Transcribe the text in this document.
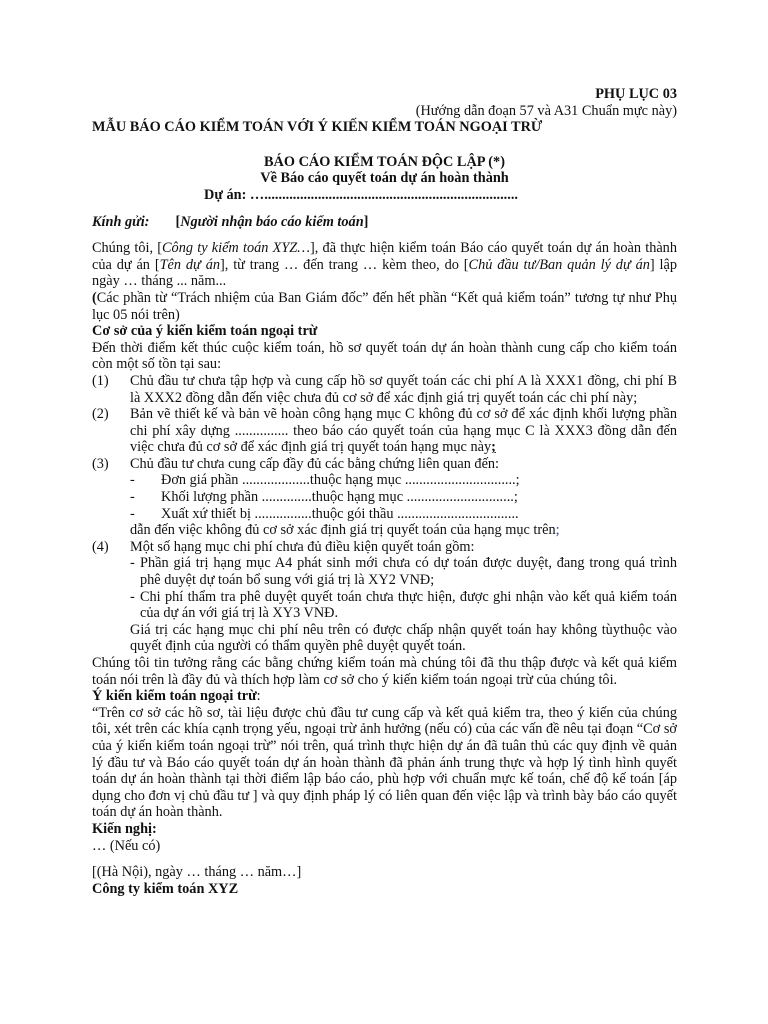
PHỤ LỤC 03

(Hướng dẫn đoạn 57 và A31 Chuẩn mực này)

MẪU BÁO CÁO KIỂM TOÁN VỚI Ý KIẾN KIỂM TOÁN NGOẠI TRỪ

BÁO CÁO KIỂM TOÁN ĐỘC LẬP (*)

Về Báo cáo quyết toán dự án hoàn thành

Dự án: ….......................................................................

Kính gửi: [Người nhận báo cáo kiểm toán]

Chúng tôi, [Công ty kiểm toán XYZ…], đã thực hiện kiểm toán Báo cáo quyết toán dự án hoàn thành của dự án [Tên dự án], từ trang … đến trang … kèm theo, do [Chủ đầu tư/Ban quản lý dự án] lập ngày … tháng ... năm...

(Các phần từ “Trách nhiệm của Ban Giám đốc” đến hết phần “Kết quả kiểm toán” tương tự như Phụ lục 05 nói trên)

Cơ sở của ý kiến kiểm toán ngoại trừ

Đến thời điểm kết thúc cuộc kiểm toán, hồ sơ quyết toán dự án hoàn thành cung cấp cho kiểm toán còn một số tồn tại sau:

(1)	Chủ đầu tư chưa tập hợp và cung cấp hồ sơ quyết toán các chi phí A là XXX1 đồng, chi phí B là XXX2 đồng dẫn đến việc chưa đủ cơ sở để xác định giá trị quyết toán các chi phí này;
(2)	Bản vẽ thiết kế và bản vẽ hoàn công hạng mục C không đủ cơ sở để xác định khối lượng phần chi phí xây dựng ............... theo báo cáo quyết toán của hạng mục C là XXX3 đồng dẫn đến việc chưa đủ cơ sở để xác định giá trị quyết toán hạng mục này;
(3)	Chủ đầu tư chưa cung cấp đầy đủ các bằng chứng liên quan đến:
-	Đơn giá phần ...................thuộc hạng mục ...............................;
-	Khối lượng phần ..............thuộc hạng mục ..............................;
-	Xuất xứ thiết bị ................thuộc gói thầu ..................................

dẫn đến việc không đủ cơ sở xác định giá trị quyết toán của hạng mục trên;

(4)	Một số hạng mục chi phí chưa đủ điều kiện quyết toán gồm:
- Phần giá trị hạng mục A4 phát sinh mới chưa có dự toán được duyệt, đang trong quá trình phê duyệt dự toán bổ sung với giá trị là XY2 VNĐ;
- Chi phí thẩm tra phê duyệt quyết toán chưa thực hiện, được ghi nhận vào kết quả kiểm toán của dự án với giá trị là XY3 VNĐ.

Giá trị các hạng mục chi phí nêu trên có được chấp nhận quyết toán hay không tùythuộc vào quyết định của người có thẩm quyền phê duyệt quyết toán.

Chúng tôi tin tưởng rằng các bằng chứng kiểm toán mà chúng tôi đã thu thập được và kết quả kiểm toán nói trên là đầy đủ và thích hợp làm cơ sở cho ý kiến kiểm toán ngoại trừ của chúng tôi.

Ý kiến kiểm toán ngoại trừ:

“Trên cơ sở các hồ sơ, tài liệu được chủ đầu tư cung cấp và kết quả kiểm tra, theo ý kiến của chúng tôi, xét trên các khía cạnh trọng yếu, ngoại trừ ảnh hưởng (nếu có) của các vấn đề nêu tại đoạn “Cơ sở của ý kiến kiểm toán ngoại trừ” nói trên, quá trình thực hiện dự án đã tuân thủ các quy định về quản lý đầu tư và Báo cáo quyết toán dự án hoàn thành đã phản ánh trung thực và hợp lý tình hình quyết toán dự án hoàn thành tại thời điểm lập báo cáo, phù hợp với chuẩn mực kế toán, chế độ kế toán [áp dụng cho đơn vị chủ đầu tư ] và quy định pháp lý có liên quan đến việc lập và trình bày báo cáo quyết toán dự án hoàn thành.

Kiến nghị:

… (Nếu có)

[(Hà Nội), ngày … tháng … năm…]

Công ty kiểm toán XYZ
